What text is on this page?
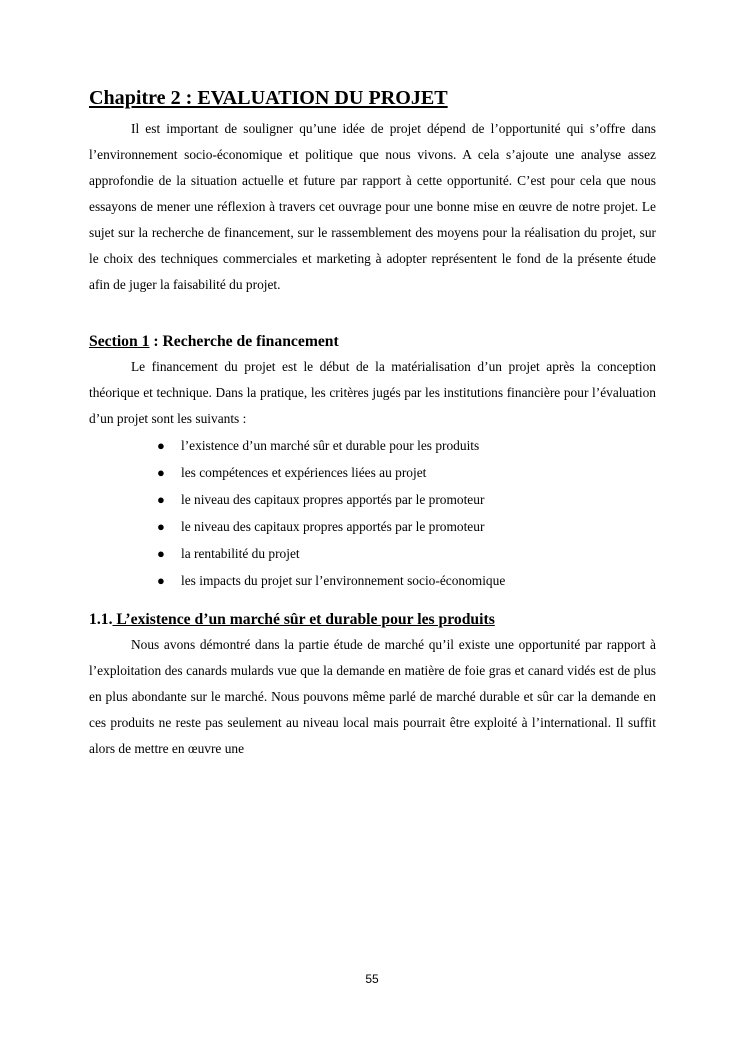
Chapitre 2 : EVALUATION DU PROJET

Il est important de souligner qu’une idée de projet dépend de l’opportunité qui s’offre dans l’environnement socio-économique et politique que nous vivons. A cela s’ajoute une analyse assez approfondie de la situation actuelle et future par rapport à cette opportunité. C’est pour cela que nous essayons de mener une réflexion à travers cet ouvrage pour une bonne mise en œuvre de notre projet. Le sujet sur la recherche de financement, sur le rassemblement des moyens pour la réalisation du projet, sur le choix des techniques commerciales et marketing à adopter représentent le fond de la présente étude afin de juger la faisabilité du projet.

Section 1 : Recherche de financement

Le financement du projet est le début de la matérialisation d’un projet après la conception théorique et technique. Dans la pratique, les critères jugés par les institutions financière pour l’évaluation d’un projet sont les suivants :

● l’existence d’un marché sûr et durable pour les produits
● les compétences et expériences liées au projet
● le niveau des capitaux propres apportés par le promoteur
● le niveau des capitaux propres apportés par le promoteur
● la rentabilité du projet
● les impacts du projet sur l’environnement socio-économique
1.1. L’existence d’un marché sûr et durable pour les produits

Nous avons démontré dans la partie étude de marché qu’il existe une opportunité par rapport à l’exploitation des canards mulards vue que la demande en matière de foie gras et canard vidés est de plus en plus abondante sur le marché. Nous pouvons même parlé de marché durable et sûr car la demande en ces produits ne reste pas seulement au niveau local mais pourrait être exploité à l’international. Il suffit alors de mettre en œuvre une

55
